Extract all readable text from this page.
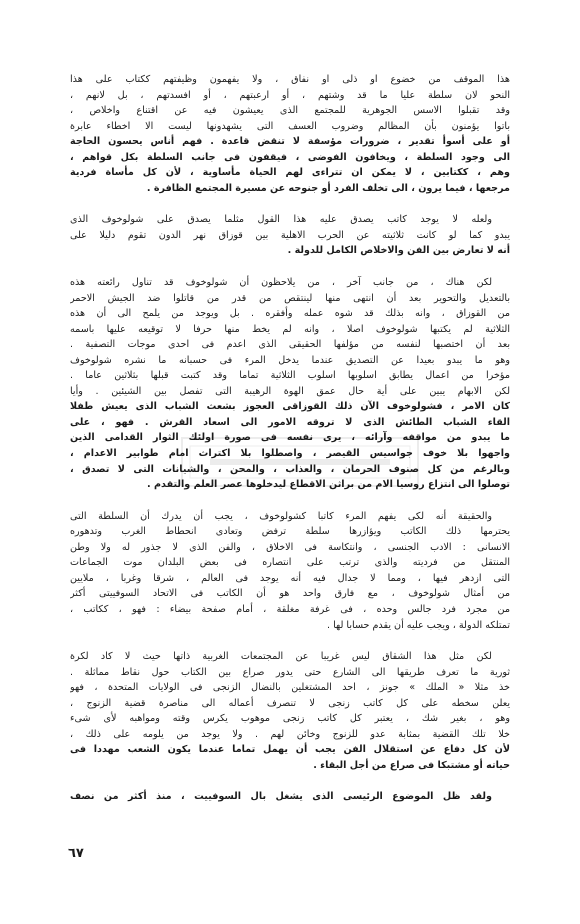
هذا الموقف من خضوع او ذلى او نفاق ، ولا يفهمون وظيفتهم ككتاب على هذا
النحو لان سلطة عليا ما قد وشتهم ، أو ارعبتهم ، أو افسدتهم ، بل لانهم ،
وقد تقبلوا الاسس الجوهرية للمجتمع الذى يعيشون فيه عن اقتناع واخلاص ،
باتوا يؤمنون بأن المظالم وضروب العسف التى يشهدونها ليست الا اخطاء عابرة
أو على أسوأ تقدير ، ضرورات مؤسفة لا تنقض قاعدة . فهم أناس يحسون الحاجة
الى وجود السلطة ، ويخافون الفوضى ، فيقفون فى جانب السلطة بكل قواهم ،
وهم ، ككتابين ، لا يمكن ان تتراءى لهم الحياة مأساوية ، لأن كل مأساة فردية
مرجعها ، فيما يرون ، الى تخلف الفرد أو جنوحه عن مسيرة المجتمع الظافرة .

ولعله لا يوجد كاتب يصدق عليه هذا القول مثلما يصدق على شولوخوف الذى
يبدو كما لو كانت ثلاثيته عن الحرب الاهلية بين قوزاق نهر الدون تقوم دليلا على
أنه لا تعارض بين الفن والاخلاص الكامل للدولة .

لكن هناك ، من جانب آخر ، من يلاحظون أن شولوخوف قد تناول رائعته هذه
بالتعديل والتحوير بعد أن انتهى منها لينتقص من قدر من قاتلوا ضد الجيش الاحمر
من القوزاق ، وانه بذلك قد شوه عمله وأفقره . بل ويوجد من يلمح الى أن هذه
الثلاثية لم يكتبها شولوخوف اصلا ، وانه لم يخط منها حرفا لا توقيعه عليها باسمه
بعد أن اختصبها لنفسه من مؤلفها الحقيقى الذى اعدم فى احدى موجات التصفية .
وهو ما يبدو بعيدا عن التصديق عندما يدخل المرء فى حسبانه ما نشره شولوخوف
مؤخرا من اعمال يطابق اسلوبها اسلوب الثلاثية تماما وقد كتبت قبلها بثلاثين عاما .
لكن الابهام يبين على أية حال عمق الهوة الرهيبة التى تفصل بين الشيئين . وأيا
كان الامر ، فشولوخوف الآن ذلك القوزاقى العجوز بشعث الشباب الذى يعيش طفلا
القاء الشباب الطائش الذى لا تروقه الامور الى اسعاد القرش . فهو ، على
ما يبدو من مواقفه وآرائه ، يرى نفسه فى صورة اولئك الثوار القدامى الذين
واجهوا بلا خوف جواسيس القيصر ، واصطلوا بلا اكتراث امام طوابير الاعدام ،
وبالرغم من كل صنوف الحرمان ، والعذاب ، والمحن ، والشيانات التى لا تصدق ،
توصلوا الى انتزاع روسيا الام من براثن الاقطاع ليدخلوها عصر العلم والتقدم .

والحقيقة أنه لكى يفهم المرء كاتبا كشولوخوف ، يجب أن يدرك أن السلطة التى
يحترمها ذلك الكاتب ويؤازرها سلطة ترفض وتعادى انحطاط الغرب وتدهوره
الانسانى : الادب الجنسى ، وانتكاسة فى الاخلاق ، والفن الذى لا جذور له ولا وطن
المنتقل من فرديته والذى ترتب على انتصاره فى بعض البلدان موت الجماعات
التى ازدهر فيها ، ومما لا جدال فيه أنه يوجد فى العالم ، شرقا وغربا ، ملايين
من أمثال شولوخوف ، مع فارق واحد هو أن الكاتب فى الاتحاد السوفييتى أكثر
من مجرد فرد جالس وحده ، فى غرفة مغلقة ، أمام صفحة بيضاء : فهو ، ككاتب ،
تمتلكه الدولة ، ويجب عليه أن يقدم حسابا لها .

لكن مثل هذا الشقاق ليس غريبا عن المجتمعات الغربية ذاتها حيث لا كاد لكرة
ثورية ما تعرف طريقها الى الشارع حتى يدور صراع بين الكتاب حول نقاط مماثلة .
خذ مثلا « الملك » جونز ، احد المشتغلين بالنضال الزنجى فى الولايات المتحدة ، فهو
يعلن سخطه على كل كاتب زنجى لا تنصرف أعماله الى مناصرة قضية الزنوج ،
وهو ، بغير شك ، يعتبر كل كاتب زنجى موهوب يكرس وقته ومواهبه لأى شىء
خلا تلك القضية بمثابة عدو للزنوج وخائن لهم . ولا يوجد من يلومه على ذلك ،
لأن كل دفاع عن استقلال الفن يجب أن يهمل تماما عندما يكون الشعب مهددا فى
حياته أو مشتبكا فى صراع من أجل البقاء .

ولقد ظل الموضوع الرئيسى الذى يشغل بال السوفييت ، منذ أكثر من نصف

٦٧
